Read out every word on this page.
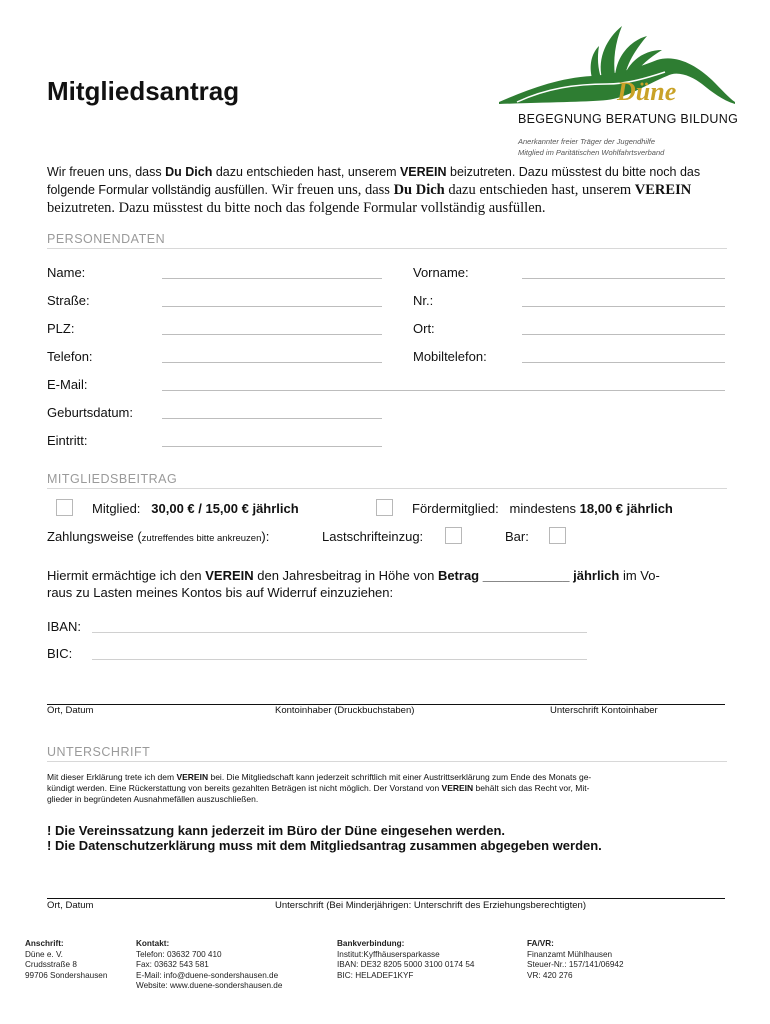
Mitgliedsantrag	Düne
BEGEGNUNG BERATUNG BILDUNG
Anerkannter freier Träger der Jugendhilfe
Mitglied im Paritätischen Wohlfahrtsverband
Wir freuen uns, dass Du Dich dazu entschieden hast, unserem VEREIN beizutreten. Dazu müsstest du bitte noch das folgende Formular vollständig ausfüllen. Wir freuen uns, dass Du Dich dazu entschieden hast, unserem VEREIN beizutreten. Dazu müsstest du bitte noch das folgende Formular vollständig ausfüllen.
PERSONENDATEN
Name:	Vorname:
Straße:	Nr.:
PLZ:	Ort:
Telefon:	Mobiltelefon:
E-Mail:
Geburtsdatum:
Eintritt:
MITGLIEDSBEITRAG
Mitglied: 30,00 € / 15,00 € jährlich	Fördermitglied: mindestens 18,00 € jährlich
Zahlungsweise (zutreffendes bitte ankreuzen):	Lastschrifteinzug:	Bar:
Hiermit ermächtige ich den VEREIN den Jahresbeitrag in Höhe von Betrag ____________ jährlich im Vo-
raus zu Lasten meines Kontos bis auf Widerruf einzuziehen:
IBAN:
BIC:
Ort, Datum	Kontoinhaber (Druckbuchstaben)	Unterschrift Kontoinhaber
UNTERSCHRIFT
Mit dieser Erklärung trete ich dem VEREIN bei. Die Mitgliedschaft kann jederzeit schriftlich mit einer Austrittserklärung zum Ende des Monats ge-
kündigt werden. Eine Rückerstattung von bereits gezahlten Beträgen ist nicht möglich. Der Vorstand von VEREIN behält sich das Recht vor, Mit-
glieder in begründeten Ausnahmefällen auszuschließen.
! Die Vereinssatzung kann jederzeit im Büro der Düne eingesehen werden.
! Die Datenschutzerklärung muss mit dem Mitgliedsantrag zusammen abgegeben werden.
Ort, Datum	Unterschrift (Bei Minderjährigen: Unterschrift des Erziehungsberechtigten)
Anschrift:
Düne e. V.
Crudsstraße 8
99706 Sondershausen
Kontakt:
Telefon: 03632 700 410
Fax: 03632 543 581
E-Mail: info@duene-sondershausen.de
Website: www.duene-sondershausen.de
Bankverbindung:
Institut:Kyffhäusersparkasse
IBAN: DE32 8205 5000 3100 0174 54
BIC: HELADEF1KYF
FA/VR:
Finanzamt Mühlhausen
Steuer-Nr.: 157/141/06942
VR: 420 276
